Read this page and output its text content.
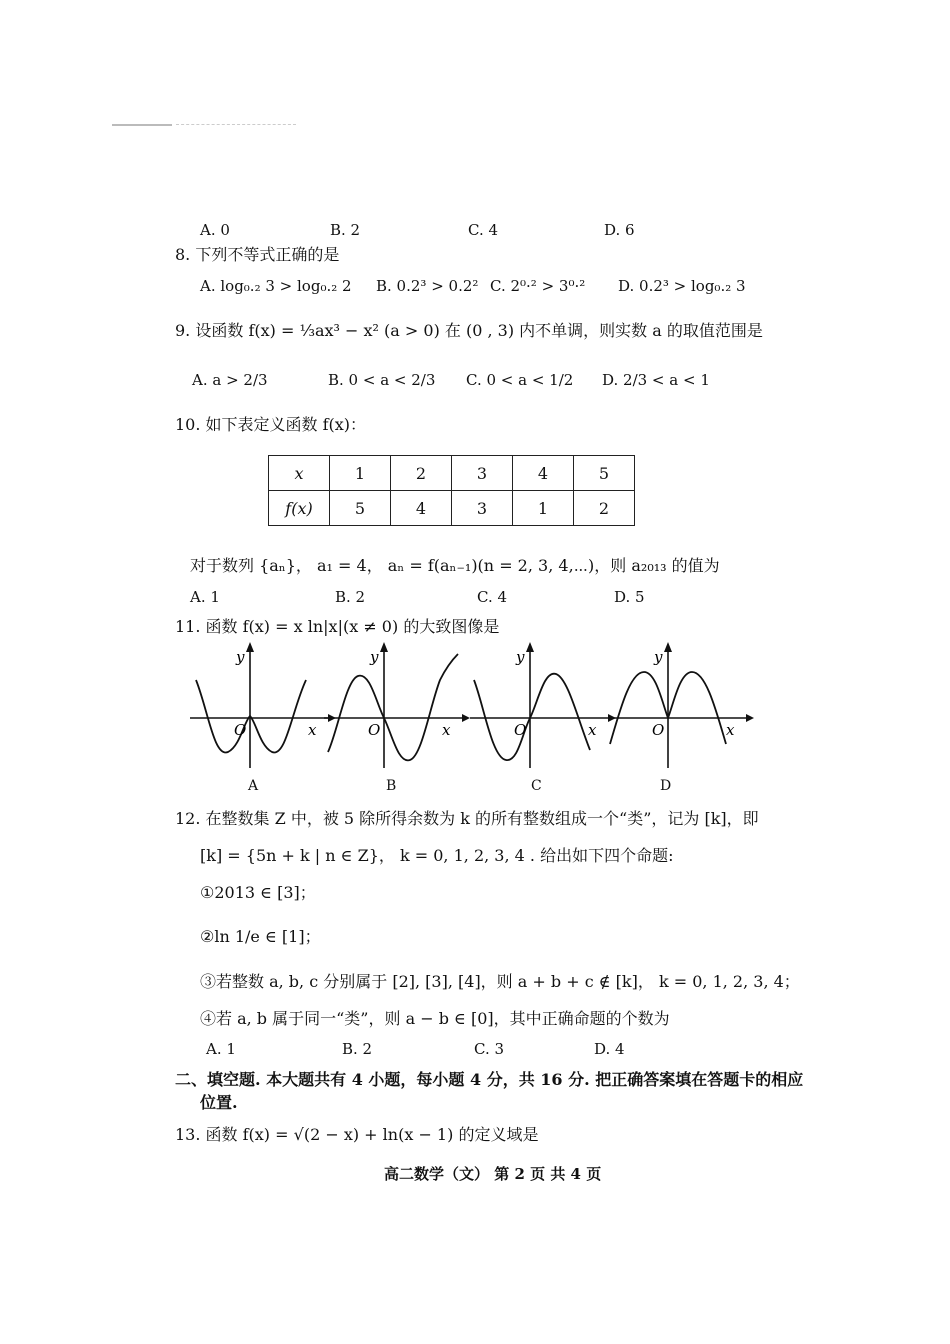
A. 0	B. 2	C. 4	D. 6
8. 下列不等式正确的是
A. log₀.₂ 3 > log₀.₂ 2 B. 0.2³ > 0.2² C. 2⁰·² > 3⁰·² D. 0.2³ > log₀.₂ 3
9. 设函数 f(x) = ⅓ax³ − x² (a > 0) 在 (0 , 3) 内不单调，则实数 a 的取值范围是
A. a > 2/3	B. 0 < a < 2/3 C. 0 < a < 1/2 D. 2/3 < a < 1
10. 如下表定义函数 f(x)：
x	1	2	3	4	5
f(x)	5	4	3	1	2
对于数列 {aₙ}， a₁ = 4， aₙ = f(aₙ₋₁)(n = 2, 3, 4,⋯)，则 a₂₀₁₃ 的值为
A. 1	B. 2	C. 4	D. 5
11. 函数 f(x) = x ln|x|(x ≠ 0) 的大致图像是
y
x
O
y
x
O
y
x
O
y
x
O
A	B	C	D
12. 在整数集 Z 中，被 5 除所得余数为 k 的所有整数组成一个“类”，记为 [k]，即
[k] = {5n + k | n ∈ Z}， k = 0, 1, 2, 3, 4 . 给出如下四个命题:
①2013 ∈ [3]；
②ln 1/e ∈ [1]；
③若整数 a, b, c 分别属于 [2], [3], [4]，则 a + b + c ∉ [k]， k = 0, 1, 2, 3, 4；
④若 a, b 属于同一“类”，则 a − b ∈ [0]，其中正确命题的个数为
A. 1	B. 2	C. 3	D. 4
二、填空题. 本大题共有 4 小题，每小题 4 分，共 16 分. 把正确答案填在答题卡的相应
位置.
13. 函数 f(x) = √(2 − x) + ln(x − 1) 的定义域是
高二数学（文） 第 2 页 共 4 页
